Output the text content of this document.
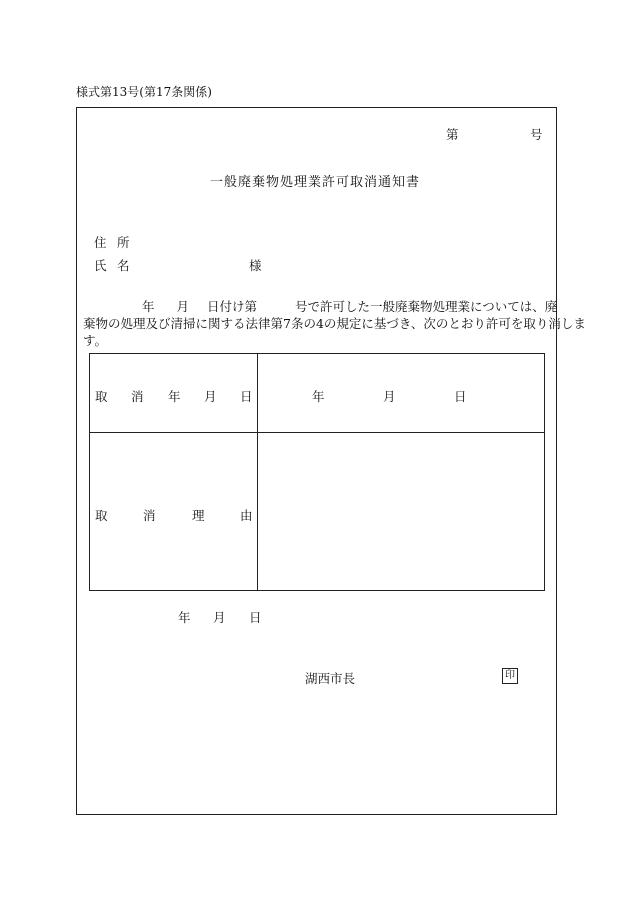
様式第13号(第17条関係)
第	号
一般廃棄物処理業許可取消通知書
住 所
氏 名	様
年 月 日付け第	号で許可した一般廃棄物処理業については、廃
棄物の処理及び清掃に関する法律第7条の4の規定に基づき、次のとおり許可を取り消しま
す。
取 消 年 月 日	年	月	日
取	消	理	由
年 月 日
湖西市長	印
